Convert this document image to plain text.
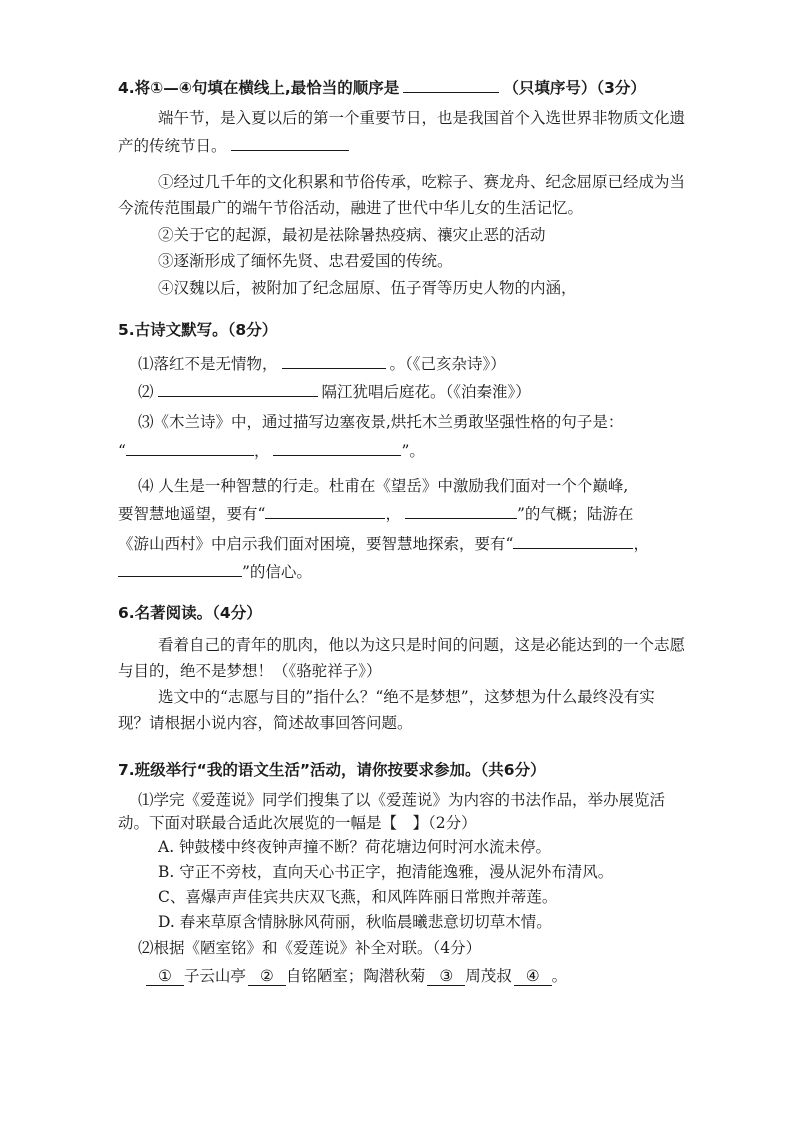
4.将①—④句填在横线上,最恰当的顺序是	（只填序号）（3分）
端午节，是入夏以后的第一个重要节日，也是我国首个入选世界非物质文化遗
产的传统节日。
①经过几千年的文化积累和节俗传承，吃粽子、赛龙舟、纪念屈原已经成为当
今流传范围最广的端午节俗活动，融进了世代中华儿女的生活记忆。
②关于它的起源，最初是祛除暑热疫病、禳灾止恶的活动
③逐渐形成了缅怀先贤、忠君爱国的传统。
④汉魏以后，被附加了纪念屈原、伍子胥等历史人物的内涵，
5.古诗文默写。（8分）
⑴落红不是无情物，	。（《己亥杂诗》）
⑵	隔江犹唱后庭花。（《泊秦淮》）
⑶《木兰诗》中，通过描写边塞夜景,烘托木兰勇敢坚强性格的句子是：
“	，	”。
⑷ 人生是一种智慧的行走。杜甫在《望岳》中激励我们面对一个个巅峰,
要智慧地遥望，要有“	，	”的气概；陆游在
《游山西村》中启示我们面对困境，要智慧地探索，要有“	，
”的信心。
6.名著阅读。（4分）
看着自己的青年的肌肉，他以为这只是时间的问题，这是必能达到的一个志愿
与目的，绝不是梦想！（《骆驼祥子》）
选文中的“志愿与目的”指什么？“绝不是梦想”，这梦想为什么最终没有实
现？请根据小说内容，简述故事回答问题。
7.班级举行“我的语文生活”活动，请你按要求参加。（共6分）
⑴学完《爱莲说》同学们搜集了以《爱莲说》为内容的书法作品，举办展览活
动。下面对联最合适此次展览的一幅是【　】（2分）
A. 钟鼓楼中终夜钟声撞不断？荷花塘边何时河水流未停。
B. 守正不旁枝，直向天心书正字，抱清能逸雅，漫从泥外布清风。
C、喜爆声声佳宾共庆双飞燕，和风阵阵丽日常煦并蒂莲。
D. 春来草原含情脉脉风荷丽，秋临晨曦悲意切切草木情。
⑵根据《陋室铭》和《爱莲说》补全对联。（4分）
① 子云山亭 ② 自铭陋室；陶潜秋菊 ③ 周茂叔 ④ 。
